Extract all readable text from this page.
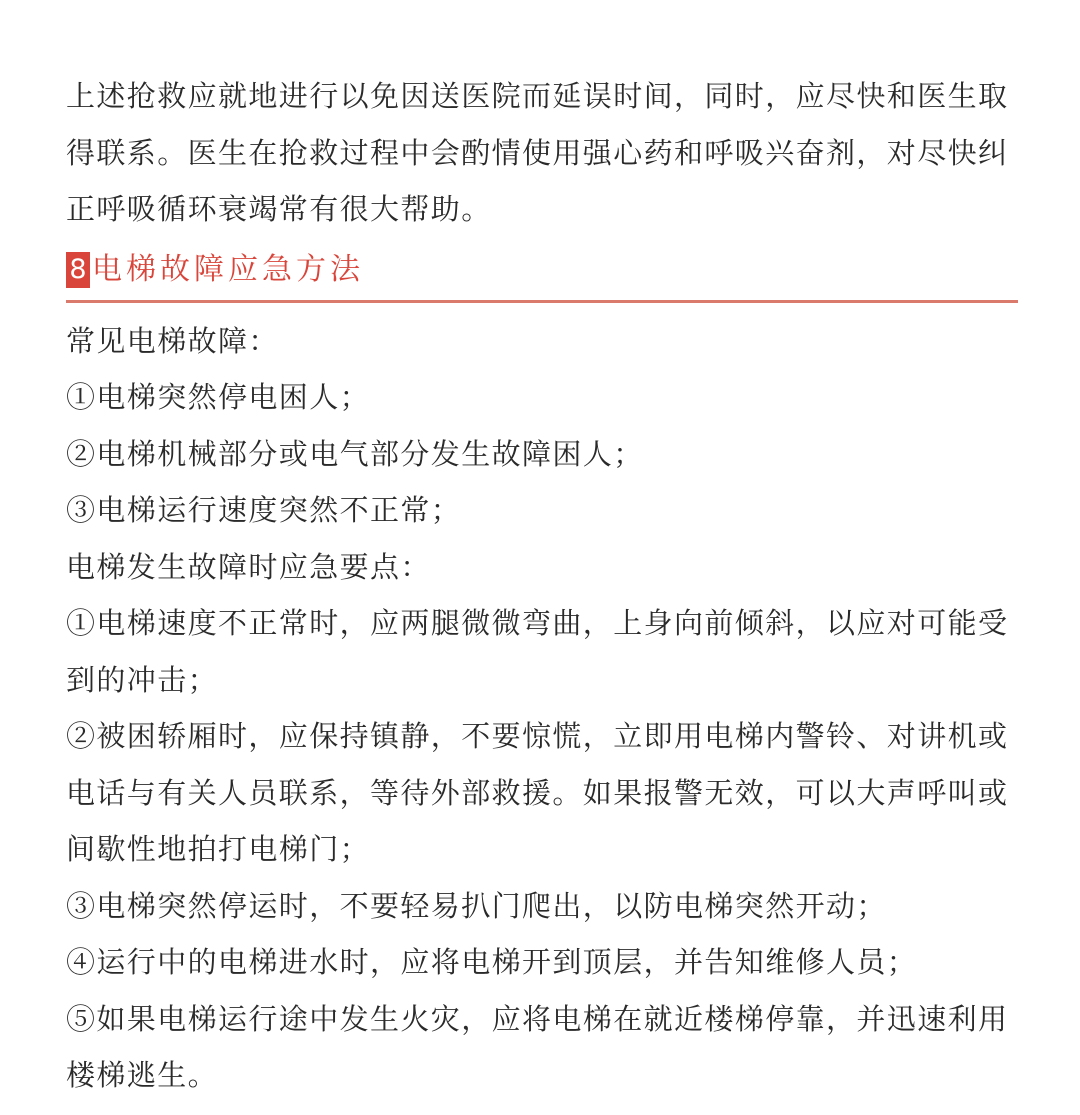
上述抢救应就地进行以免因送医院而延误时间，同时，应尽快和医生取

得联系。医生在抢救过程中会酌情使用强心药和呼吸兴奋剂，对尽快纠

正呼吸循环衰竭常有很大帮助。

8 电梯故障应急方法

常见电梯故障：

①电梯突然停电困人；

②电梯机械部分或电气部分发生故障困人；

③电梯运行速度突然不正常；

电梯发生故障时应急要点：

①电梯速度不正常时，应两腿微微弯曲，上身向前倾斜，以应对可能受

到的冲击；

②被困轿厢时，应保持镇静，不要惊慌，立即用电梯内警铃、对讲机或

电话与有关人员联系，等待外部救援。如果报警无效，可以大声呼叫或

间歇性地拍打电梯门；

③电梯突然停运时，不要轻易扒门爬出，以防电梯突然开动；

④运行中的电梯进水时，应将电梯开到顶层，并告知维修人员；

⑤如果电梯运行途中发生火灾，应将电梯在就近楼梯停靠，并迅速利用

楼梯逃生。
